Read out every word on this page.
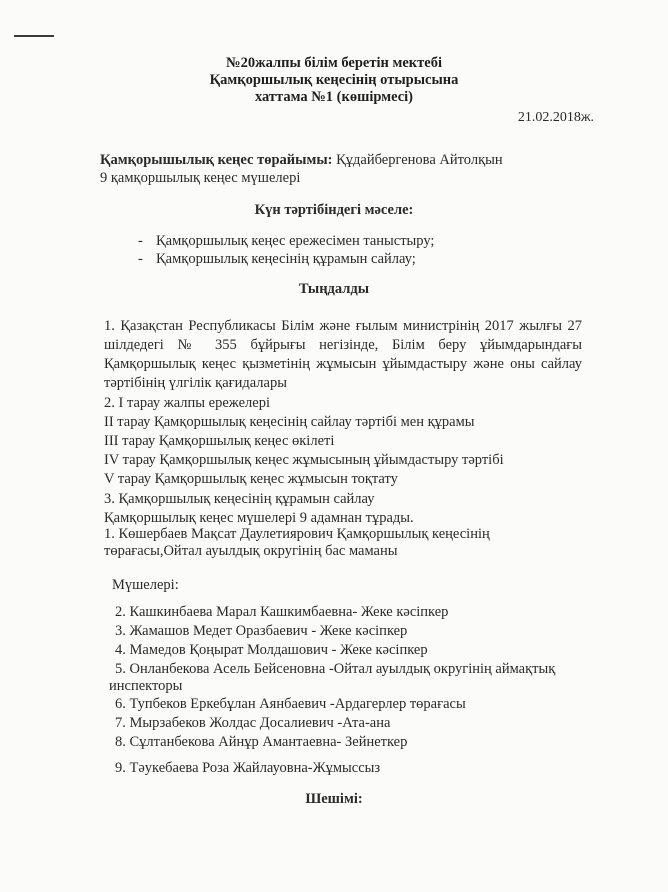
№20жалпы білім беретін мектебі
Қамқоршылық кеңесінің отырысына
хаттама №1 (көшірмесі)
21.02.2018ж.
Қамқорышылық кеңес төрайымы: Құдайбергенова Айтолқын
9 қамқоршылық кеңес мүшелері
Күн тәртібіндегі мәселе:
- Қамқоршылық кеңес ережесімен таныстыру;
- Қамқоршылық кеңесінің құрамын сайлау;
Тыңдалды
1. Қазақстан Республикасы Білім және ғылым министрінің 2017 жылғы 27
шілдедегі № 355 бұйрығы негізінде, Білім беру ұйымдарындағы
Қамқоршылық кеңес қызметінің жұмысын ұйымдастыру және оны сайлау
тәртібінің үлгілік қағидалары
2. I тарау жалпы ережелері
II тарау Қамқоршылық кеңесінің сайлау тәртібі мен құрамы
III тарау Қамқоршылық кеңес өкілеті
IV тарау Қамқоршылық кеңес жұмысының ұйымдастыру тәртібі
V тарау Қамқоршылық кеңес жұмысын тоқтату
3. Қамқоршылық кеңесінің құрамын сайлау
Қамқоршылық кеңес мүшелері 9 адамнан тұрады.
1. Көшербаев Мақсат Даулетиярович Қамқоршылық кеңесінің
төрағасы,Ойтал ауылдық округінің бас маманы
Мүшелері:
2. Кашкинбаева Марал Кашкимбаевна- Жеке кәсіпкер
3. Жамашов Медет Оразбаевич - Жеке кәсіпкер
4. Мамедов Қоңырат Молдашович - Жеке кәсіпкер
5. Онланбекова Асель Бейсеновна -Ойтал ауылдық округінің аймақтық
инспекторы
6. Тупбеков Еркебұлан Аянбаевич -Ардагерлер төрағасы
7. Мырзабеков Жолдас Досалиевич -Ата-ана
8. Сұлтанбекова Айнұр Амантаевна- Зейнеткер
9. Тәукебаева Роза Жайлауовна-Жұмыссыз
Шешімі:
